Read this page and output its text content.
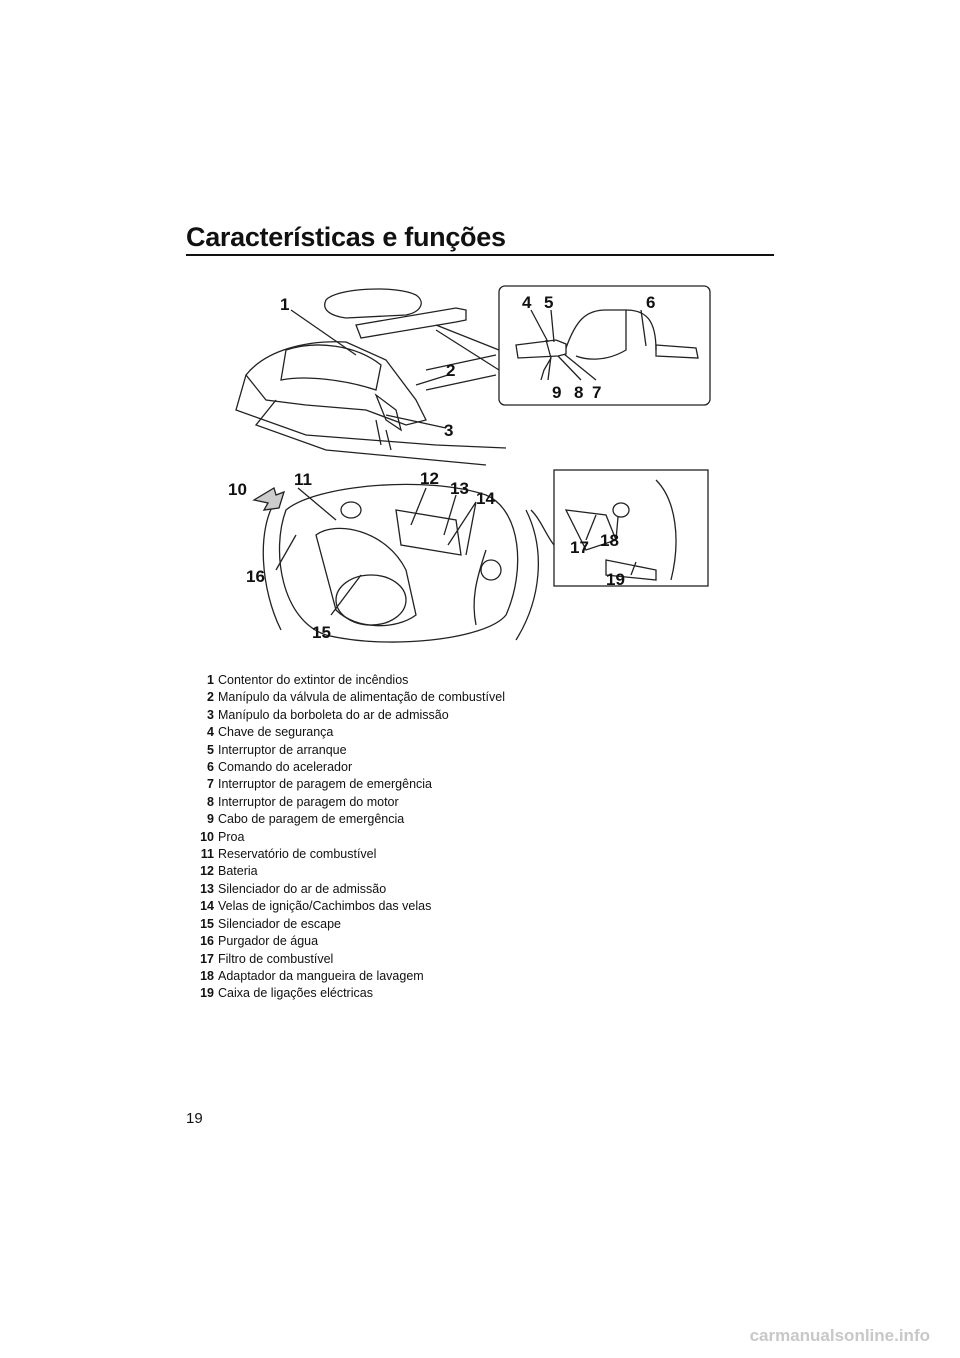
Características e funções
1
2
3
4 5	6
7
8
9
10
11	12
13
14
15
16
17 18
19
1 Contentor do extintor de incêndios
2 Manípulo da válvula de alimentação de combustível
3 Manípulo da borboleta do ar de admissão
4 Chave de segurança
5 Interruptor de arranque
6 Comando do acelerador
7 Interruptor de paragem de emergência
8 Interruptor de paragem do motor
9 Cabo de paragem de emergência
10 Proa
11 Reservatório de combustível
12 Bateria
13 Silenciador do ar de admissão
14 Velas de ignição/Cachimbos das velas
15 Silenciador de escape
16 Purgador de água
17 Filtro de combustível
18 Adaptador da mangueira de lavagem
19 Caixa de ligações eléctricas
19
carmanualsonline.info
